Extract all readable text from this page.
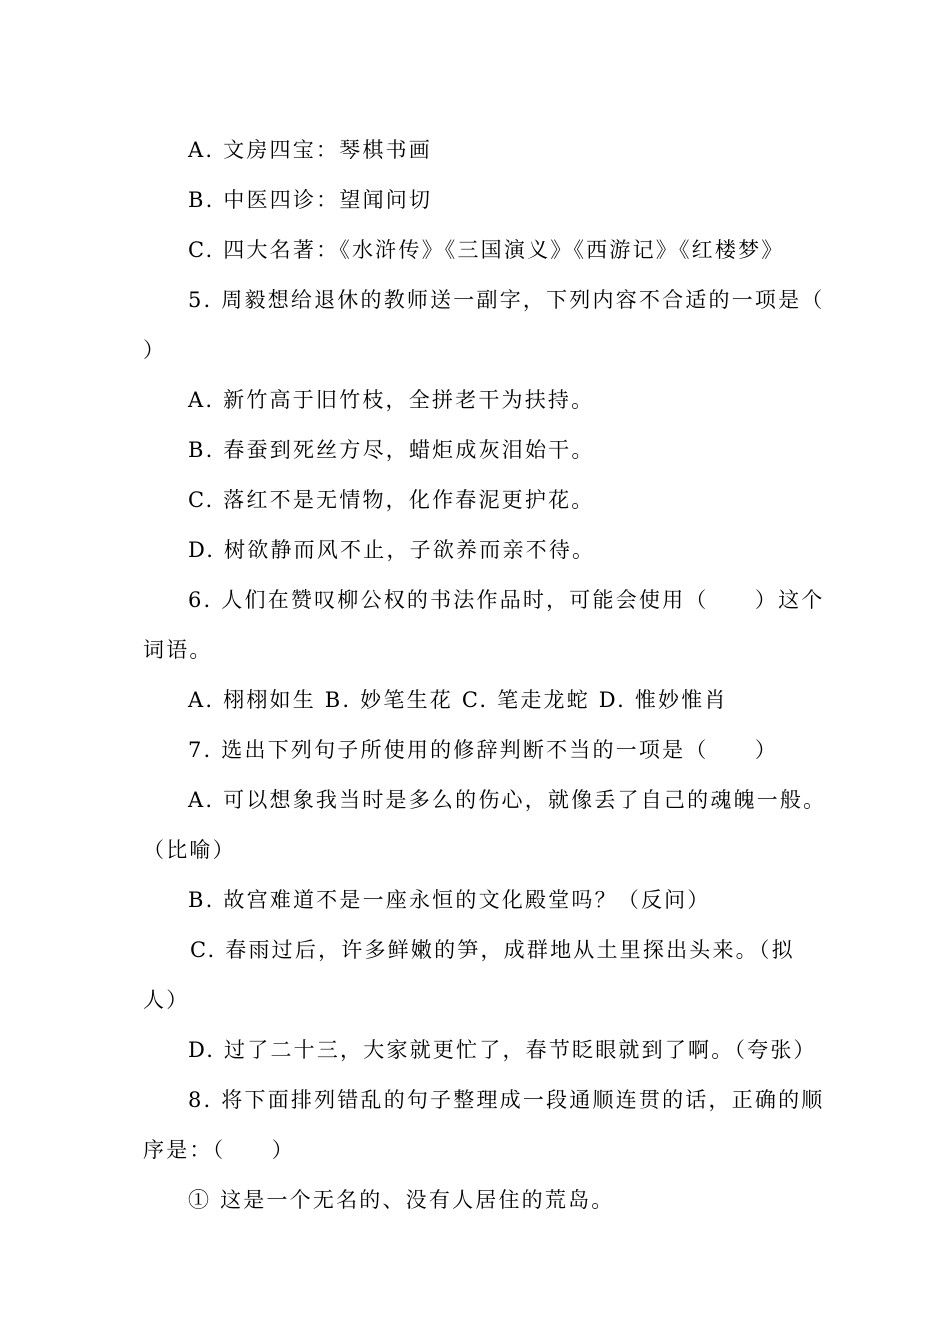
A. 文房四宝：琴棋书画
B. 中医四诊：望闻问切
C. 四大名著：《水浒传》《三国演义》《西游记》《红楼梦》
5. 周毅想给退休的教师送一副字，下列内容不合适的一项是（
）
A. 新竹高于旧竹枝，全拼老干为扶持。
B. 春蚕到死丝方尽，蜡炬成灰泪始干。
C. 落红不是无情物，化作春泥更护花。
D. 树欲静而风不止，子欲养而亲不待。
6. 人们在赞叹柳公权的书法作品时，可能会使用（　　）这个
词语。
A. 栩栩如生 B. 妙笔生花 C. 笔走龙蛇 D. 惟妙惟肖
7. 选出下列句子所使用的修辞判断不当的一项是（　　）
A. 可以想象我当时是多么的伤心，就像丢了自己的魂魄一般。
（比喻）
B. 故宫难道不是一座永恒的文化殿堂吗？（反问）
C. 春雨过后，许多鲜嫩的笋，成群地从土里探出头来。（拟
人）
D. 过了二十三，大家就更忙了，春节眨眼就到了啊。（夸张）
8. 将下面排列错乱的句子整理成一段通顺连贯的话，正确的顺
序是：（　　）
① 这是一个无名的、没有人居住的荒岛。
